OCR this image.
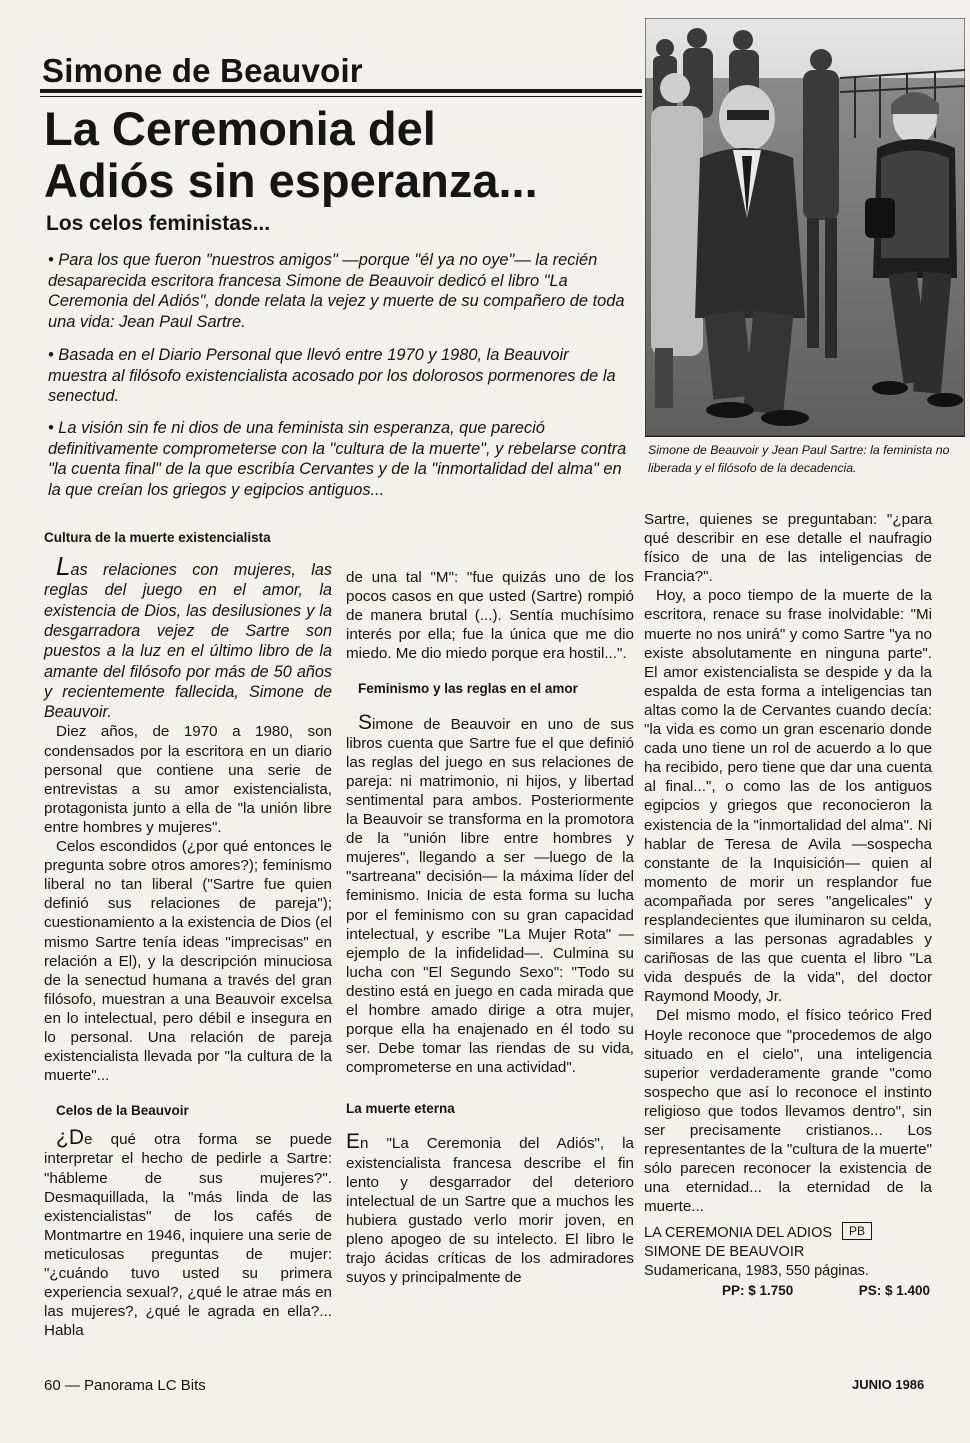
Simone de Beauvoir
La Ceremonia del
Adiós sin esperanza...
Los celos feministas...

• Para los que fueron "nuestros amigos" —porque "él ya no oye"— la recién desaparecida escritora francesa Simone de Beauvoir dedicó el libro "La Ceremonia del Adiós", donde relata la vejez y muerte de su compañero de toda una vida: Jean Paul Sartre.

• Basada en el Diario Personal que llevó entre 1970 y 1980, la Beauvoir muestra al filósofo existencialista acosado por los dolorosos pormenores de la senectud.

• La visión sin fe ni dios de una feminista sin esperanza, que pareció definitivamente comprometerse con la "cultura de la muerte", y rebelarse contra "la cuenta final" de la que escribía Cervantes y de la "inmortalidad del alma" en la que creían los griegos y egipcios antiguos...

Simone de Beauvoir y Jean Paul Sartre: la feminista no liberada y el filósofo de la decadencia.

Cultura de la muerte existencialista

Las relaciones con mujeres, las reglas del juego en el amor, la existencia de Dios, las desilusiones y la desgarradora vejez de Sartre son puestos a la luz en el último libro de la amante del filósofo por más de 50 años y recientemente fallecida, Simone de Beauvoir.

Diez años, de 1970 a 1980, son condensados por la escritora en un diario personal que contiene una serie de entrevistas a su amor existencialista, protagonista junto a ella de "la unión libre entre hombres y mujeres".

Celos escondidos (¿por qué entonces le pregunta sobre otros amores?); feminismo liberal no tan liberal ("Sartre fue quien definió sus relaciones de pareja"); cuestionamiento a la existencia de Dios (el mismo Sartre tenía ideas "imprecisas" en relación a El), y la descripción minuciosa de la senectud humana a través del gran filósofo, muestran a una Beauvoir excelsa en lo intelectual, pero débil e insegura en lo personal. Una relación de pareja existencialista llevada por "la cultura de la muerte"...

Celos de la Beauvoir

¿De qué otra forma se puede interpretar el hecho de pedirle a Sartre: "hábleme de sus mujeres?". Desmaquillada, la "más linda de las existencialistas" de los cafés de Montmartre en 1946, inquiere una serie de meticulosas preguntas de mujer: "¿cuándo tuvo usted su primera experiencia sexual?, ¿qué le atrae más en las mujeres?, ¿qué le agrada en ella?... Habla

de una tal "M": "fue quizás uno de los pocos casos en que usted (Sartre) rompió de manera brutal (...). Sentía muchísimo interés por ella; fue la única que me dio miedo. Me dio miedo porque era hostil...".

Feminismo y las reglas en el amor

Simone de Beauvoir en uno de sus libros cuenta que Sartre fue el que definió las reglas del juego en sus relaciones de pareja: ni matrimonio, ni hijos, y libertad sentimental para ambos. Posteriormente la Beauvoir se transforma en la promotora de la "unión libre entre hombres y mujeres", llegando a ser —luego de la "sartreana" decisión— la máxima líder del feminismo. Inicia de esta forma su lucha por el feminismo con su gran capacidad intelectual, y escribe "La Mujer Rota" —ejemplo de la infidelidad—. Culmina su lucha con "El Segundo Sexo": "Todo su destino está en juego en cada mirada que el hombre amado dirige a otra mujer, porque ella ha enajenado en él todo su ser. Debe tomar las riendas de su vida, comprometerse en una actividad".

La muerte eterna

En "La Ceremonia del Adiós", la existencialista francesa describe el fin lento y desgarrador del deterioro intelectual de un Sartre que a muchos les hubiera gustado verlo morir joven, en pleno apogeo de su intelecto. El libro le trajo ácidas críticas de los admiradores suyos y principalmente de

Sartre, quienes se preguntaban: "¿para qué describir en ese detalle el naufragio físico de una de las inteligencias de Francia?".

Hoy, a poco tiempo de la muerte de la escritora, renace su frase inolvidable: "Mi muerte no nos unirá" y como Sartre "ya no existe absolutamente en ninguna parte". El amor existencialista se despide y da la espalda de esta forma a inteligencias tan altas como la de Cervantes cuando decía: "la vida es como un gran escenario donde cada uno tiene un rol de acuerdo a lo que ha recibido, pero tiene que dar una cuenta al final...", o como las de los antiguos egipcios y griegos que reconocieron la existencia de la "inmortalidad del alma". Ni hablar de Teresa de Avila —sospecha constante de la Inquisición— quien al momento de morir un resplandor fue acompañada por seres "angelicales" y resplandecientes que iluminaron su celda, similares a las personas agradables y cariñosas de las que cuenta el libro "La vida después de la vida", del doctor Raymond Moody, Jr.

Del mismo modo, el físico teórico Fred Hoyle reconoce que "procedemos de algo situado en el cielo", una inteligencia superior verdaderamente grande "como sospecho que así lo reconoce el instinto religioso que todos llevamos dentro", sin ser precisamente cristianos... Los representantes de la "cultura de la muerte" sólo parecen reconocer la existencia de una eternidad... la eternidad de la muerte...

LA CEREMONIA DEL ADIOS PB
SIMONE DE BEAUVOIR
Sudamericana, 1983, 550 páginas.
PP: $ 1.750	PS: $ 1.400
60 — Panorama LC Bits	JUNIO 1986
